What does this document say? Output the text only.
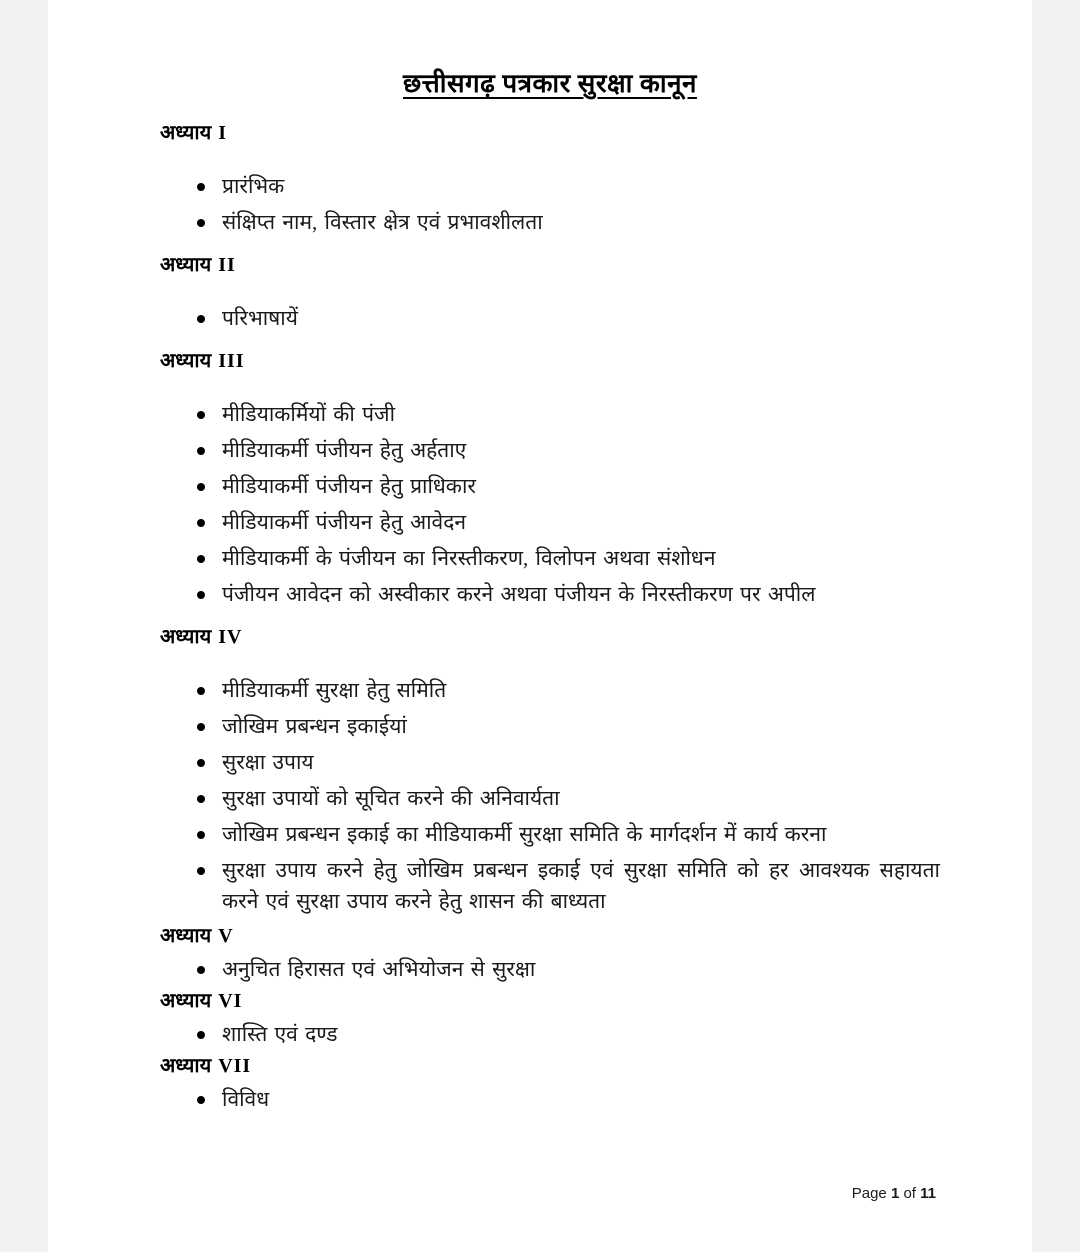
छत्तीसगढ़ पत्रकार सुरक्षा कानून
अध्याय I
प्रारंभिक
संक्षिप्त नाम, विस्तार क्षेत्र एवं प्रभावशीलता
अध्याय II
परिभाषायें
अध्याय III
मीडियाकर्मियों की पंजी
मीडियाकर्मी पंजीयन हेतु अर्हताए
मीडियाकर्मी पंजीयन हेतु प्राधिकार
मीडियाकर्मी पंजीयन हेतु आवेदन
मीडियाकर्मी के पंजीयन का निरस्तीकरण, विलोपन अथवा संशोधन
पंजीयन आवेदन को अस्वीकार करने अथवा पंजीयन के निरस्तीकरण पर अपील
अध्याय IV
मीडियाकर्मी सुरक्षा हेतु समिति
जोखिम प्रबन्धन इकाईयां
सुरक्षा उपाय
सुरक्षा उपायों को सूचित करने की अनिवार्यता
जोखिम प्रबन्धन इकाई का मीडियाकर्मी सुरक्षा समिति के मार्गदर्शन में कार्य करना
सुरक्षा उपाय करने हेतु जोखिम प्रबन्धन इकाई एवं सुरक्षा समिति को हर आवश्यक सहायता करने एवं सुरक्षा उपाय करने हेतु शासन की बाध्यता
अध्याय V
अनुचित हिरासत एवं अभियोजन से सुरक्षा
अध्याय VI
शास्ति एवं दण्ड
अध्याय VII
विविध
Page 1 of 11
